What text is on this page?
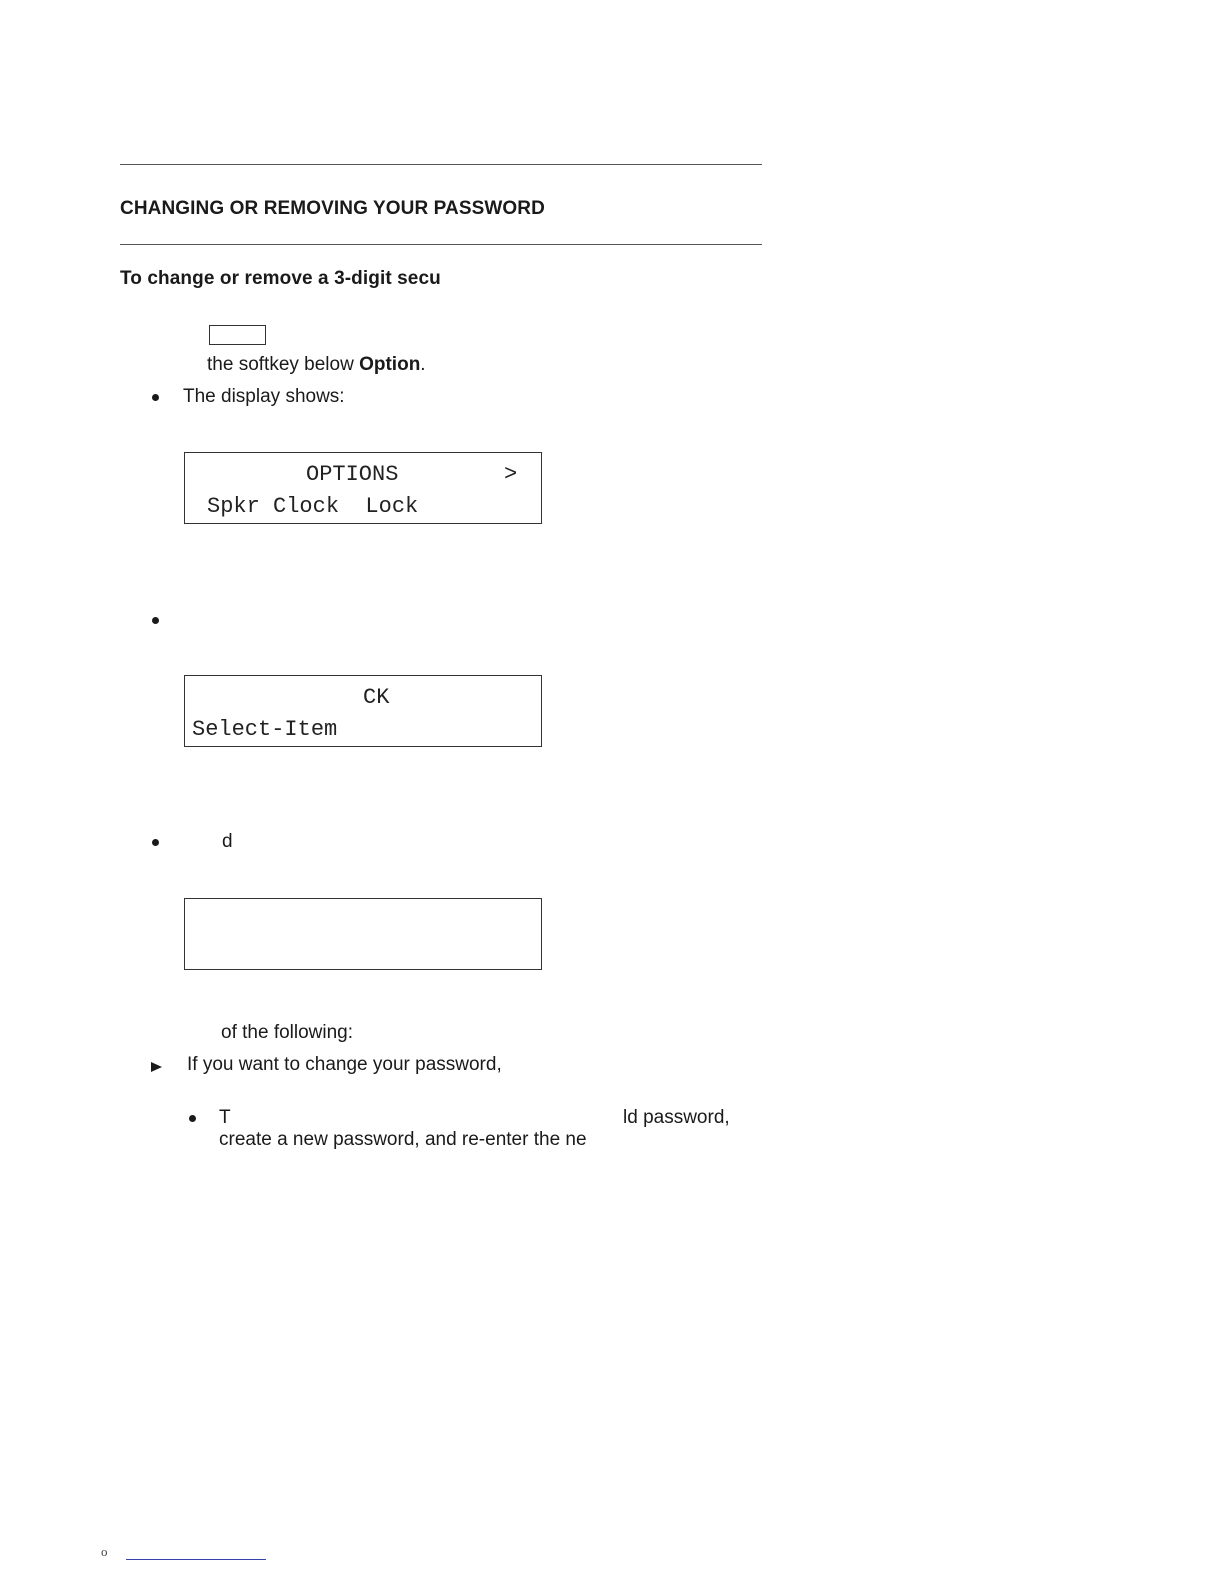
CHANGING OR REMOVING YOUR PASSWORD
To change or remove a 3-digit secu
the softkey below Option.
The display shows:
OPTIONS	>
Spkr Clock  Lock
CK
Select-Item
d
of the following:
If you want to change your password,
T	ld password,
create a new password, and re-enter the ne
o
